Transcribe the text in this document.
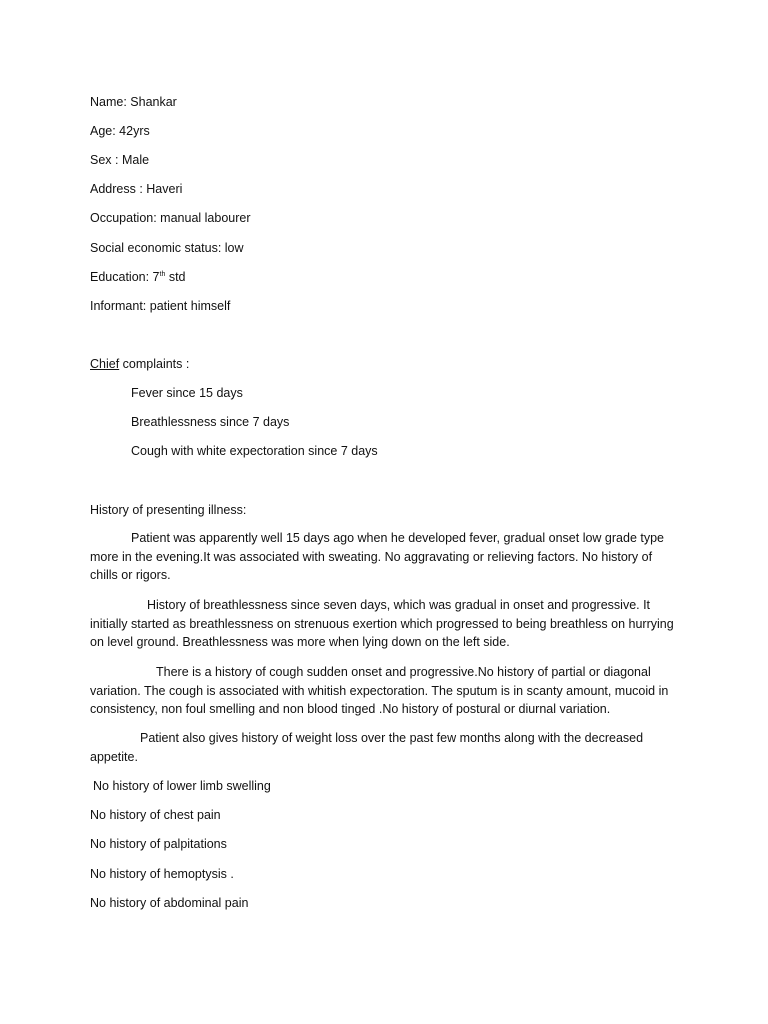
Name: Shankar
Age: 42yrs
Sex : Male
Address : Haveri
Occupation: manual labourer
Social economic status: low
Education: 7th std
Informant: patient himself
Chief complaints :
Fever since 15 days
Breathlessness since 7 days
Cough with white expectoration since 7 days
History of presenting illness:
Patient was apparently well 15 days ago when he developed fever, gradual onset low grade type more in the evening.It was associated with sweating. No aggravating or relieving factors. No history of chills or rigors.
History of breathlessness since seven days, which was gradual in onset and progressive. It initially started as breathlessness on strenuous exertion which progressed to being breathless on hurrying on level ground. Breathlessness was more when lying down on the left side.
There is a history of cough sudden onset and progressive.No history of partial or diagonal variation. The cough is associated with whitish expectoration. The sputum is in scanty amount, mucoid in consistency, non foul smelling and non blood tinged .No history of postural or diurnal variation.
Patient also gives history of weight loss over the past few months along with the decreased appetite.
No history of lower limb swelling
No history of chest pain
No history of palpitations
No history of hemoptysis .
No history of abdominal pain
